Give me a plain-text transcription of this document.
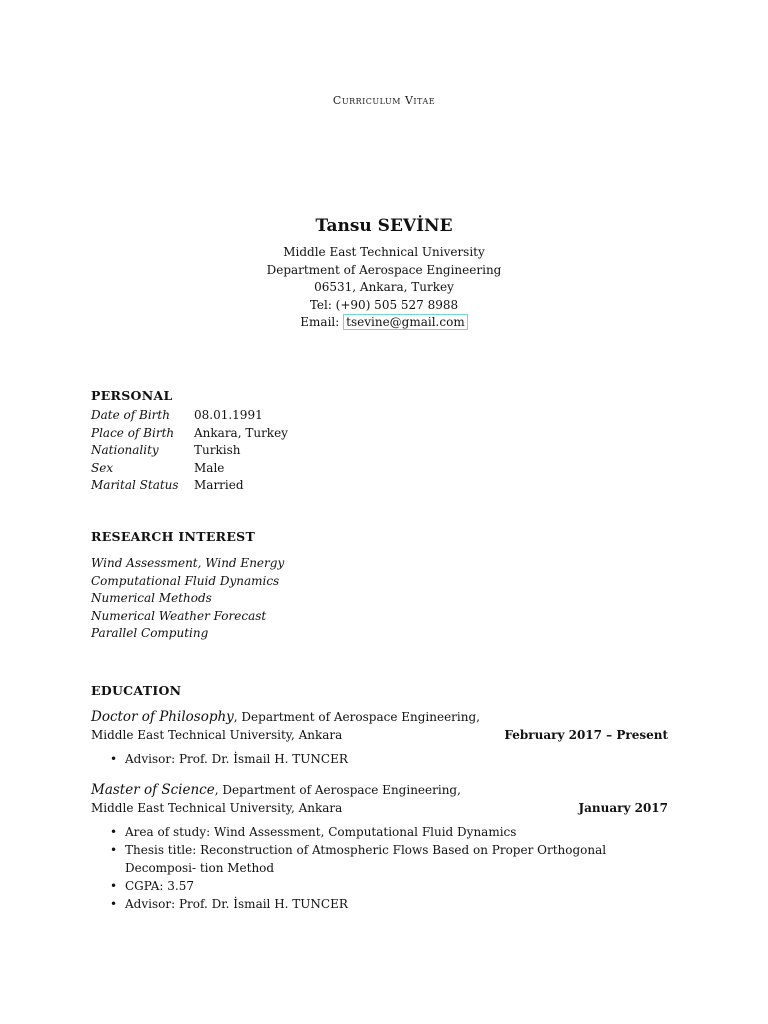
Curriculum Vitae
Tansu SEVİNE
Middle East Technical University
Department of Aerospace Engineering
06531, Ankara, Turkey
Tel: (+90) 505 527 8988
Email: tsevine@gmail.com
PERSONAL
Date of Birth	08.01.1991
Place of Birth	Ankara, Turkey
Nationality	Turkish
Sex	Male
Marital Status	Married
RESEARCH INTEREST
Wind Assessment, Wind Energy
Computational Fluid Dynamics
Numerical Methods
Numerical Weather Forecast
Parallel Computing
EDUCATION
Doctor of Philosophy, Department of Aerospace Engineering,
Middle East Technical University, Ankara	February 2017 – Present
• Advisor: Prof. Dr. İsmail H. TUNCER
Master of Science, Department of Aerospace Engineering,
Middle East Technical University, Ankara	January 2017
• Area of study: Wind Assessment, Computational Fluid Dynamics
• Thesis title: Reconstruction of Atmospheric Flows Based on Proper Orthogonal Decomposi- tion Method
• CGPA: 3.57
• Advisor: Prof. Dr. İsmail H. TUNCER
